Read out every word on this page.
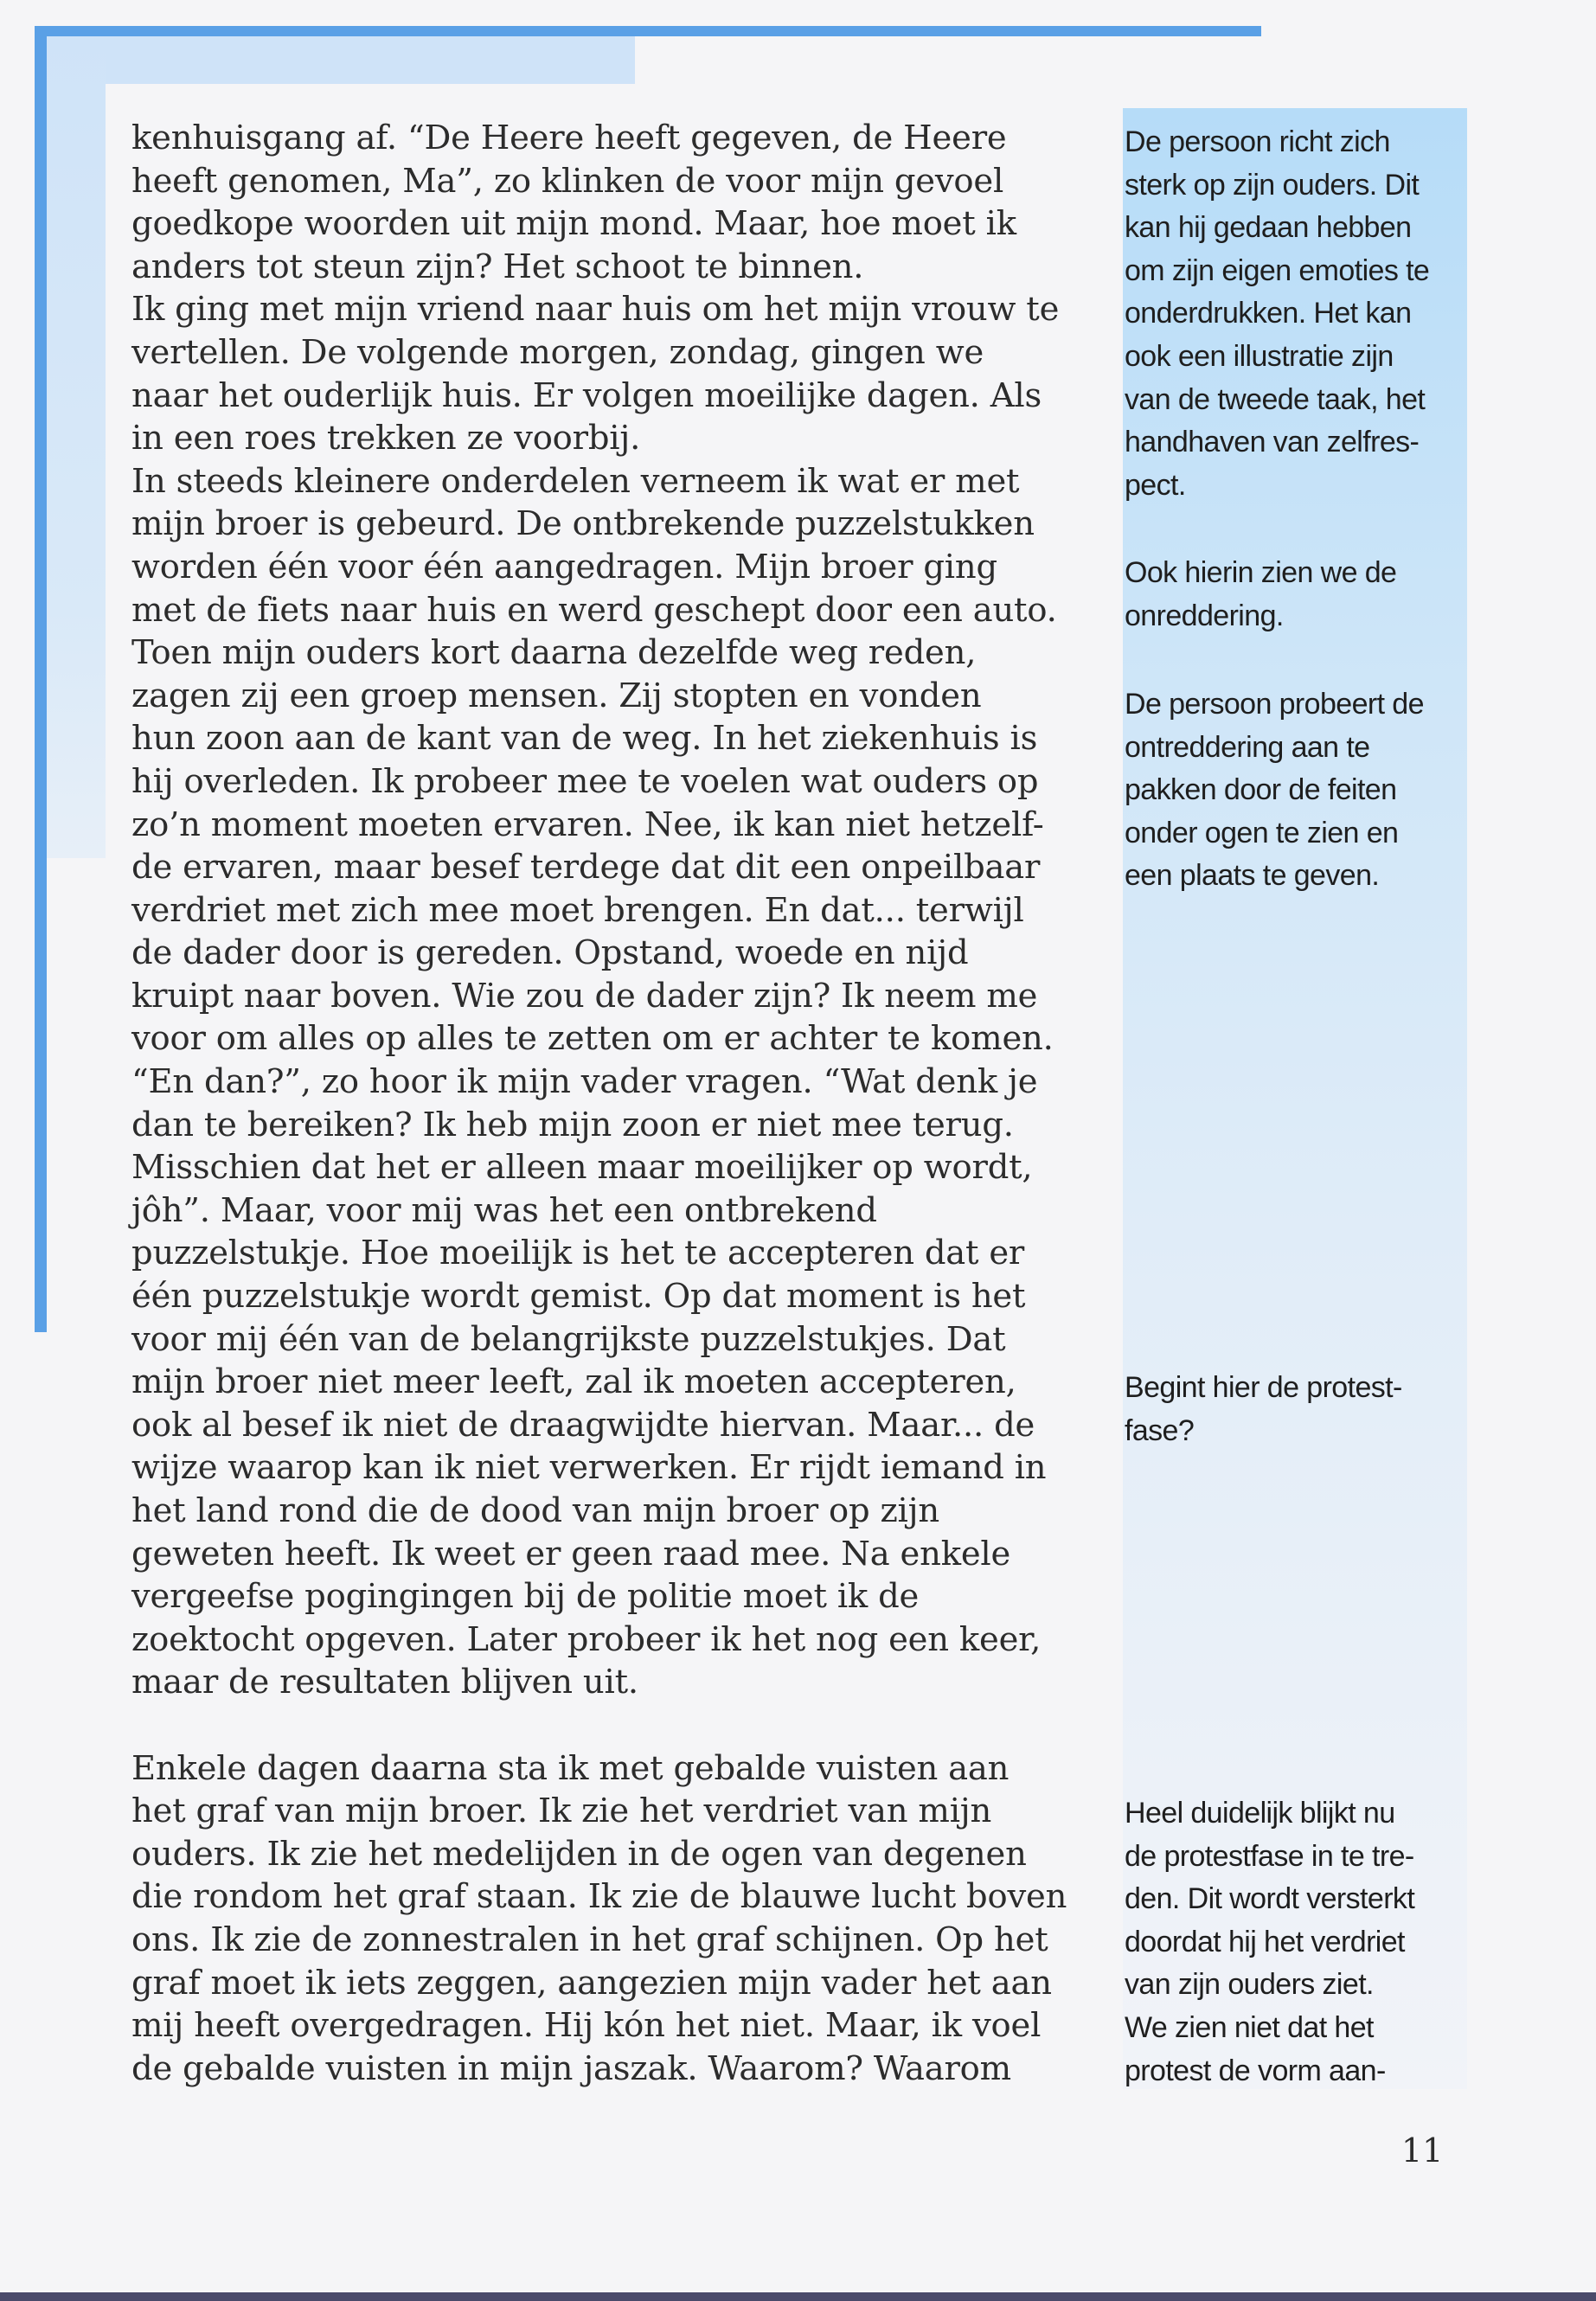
kenhuisgang af. “De Heere heeft gegeven, de Heere
heeft genomen, Ma”, zo klinken de voor mijn gevoel
goedkope woorden uit mijn mond. Maar, hoe moet ik
anders tot steun zijn? Het schoot te binnen.
Ik ging met mijn vriend naar huis om het mijn vrouw te
vertellen. De volgende morgen, zondag, gingen we
naar het ouderlijk huis. Er volgen moeilijke dagen. Als
in een roes trekken ze voorbij.
In steeds kleinere onderdelen verneem ik wat er met
mijn broer is gebeurd. De ontbrekende puzzelstukken
worden één voor één aangedragen. Mijn broer ging
met de fiets naar huis en werd geschept door een auto.
Toen mijn ouders kort daarna dezelfde weg reden,
zagen zij een groep mensen. Zij stopten en vonden
hun zoon aan de kant van de weg. In het ziekenhuis is
hij overleden. Ik probeer mee te voelen wat ouders op
zo’n moment moeten ervaren. Nee, ik kan niet hetzelf-
de ervaren, maar besef terdege dat dit een onpeilbaar
verdriet met zich mee moet brengen. En dat... terwijl
de dader door is gereden. Opstand, woede en nijd
kruipt naar boven. Wie zou de dader zijn? Ik neem me
voor om alles op alles te zetten om er achter te komen.
“En dan?”, zo hoor ik mijn vader vragen. “Wat denk je
dan te bereiken? Ik heb mijn zoon er niet mee terug.
Misschien dat het er alleen maar moeilijker op wordt,
jôh”. Maar, voor mij was het een ontbrekend
puzzelstukje. Hoe moeilijk is het te accepteren dat er
één puzzelstukje wordt gemist. Op dat moment is het
voor mij één van de belangrijkste puzzelstukjes. Dat
mijn broer niet meer leeft, zal ik moeten accepteren,
ook al besef ik niet de draagwijdte hiervan. Maar... de
wijze waarop kan ik niet verwerken. Er rijdt iemand in
het land rond die de dood van mijn broer op zijn
geweten heeft. Ik weet er geen raad mee. Na enkele
vergeefse pogingingen bij de politie moet ik de
zoektocht opgeven. Later probeer ik het nog een keer,
maar de resultaten blijven uit.

Enkele dagen daarna sta ik met gebalde vuisten aan
het graf van mijn broer. Ik zie het verdriet van mijn
ouders. Ik zie het medelijden in de ogen van degenen
die rondom het graf staan. Ik zie de blauwe lucht boven
ons. Ik zie de zonnestralen in het graf schijnen. Op het
graf moet ik iets zeggen, aangezien mijn vader het aan
mij heeft overgedragen. Hij kón het niet. Maar, ik voel
de gebalde vuisten in mijn jaszak. Waarom? Waarom

De persoon richt zich
sterk op zijn ouders. Dit
kan hij gedaan hebben
om zijn eigen emoties te
onderdrukken. Het kan
ook een illustratie zijn
van de tweede taak, het
handhaven van zelfres-
pect.
Ook hierin zien we de
onreddering.
De persoon probeert de
ontreddering aan te
pakken door de feiten
onder ogen te zien en
een plaats te geven.
Begint hier de protest-
fase?
Heel duidelijk blijkt nu
de protestfase in te tre-
den. Dit wordt versterkt
doordat hij het verdriet
van zijn ouders ziet.
We zien niet dat het
protest de vorm aan-
11
